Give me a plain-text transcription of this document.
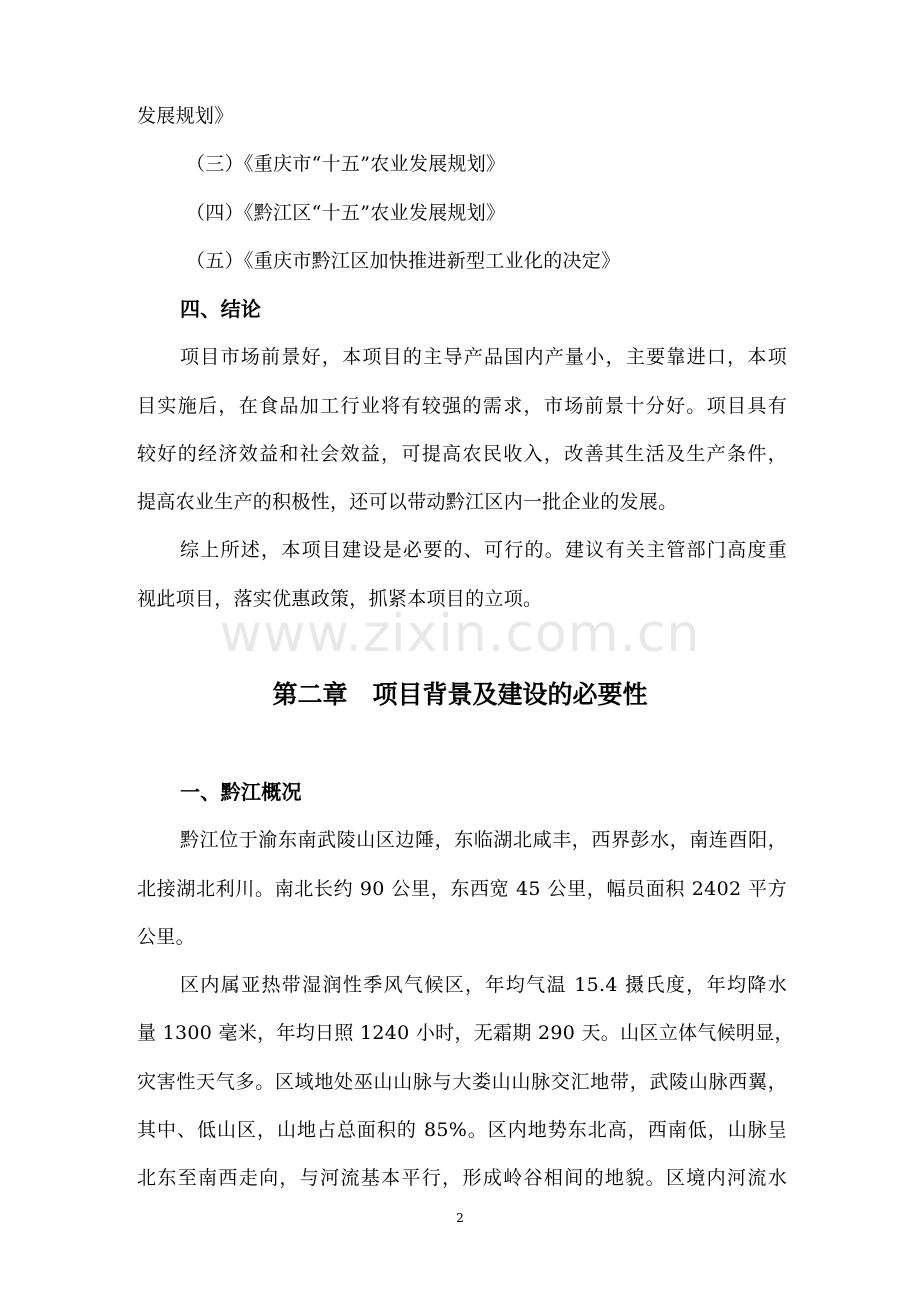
发展规划》
（三）《重庆市“十五”农业发展规划》
（四）《黔江区“十五”农业发展规划》
（五）《重庆市黔江区加快推进新型工业化的决定》
四、结论
项目市场前景好，本项目的主导产品国内产量小，主要靠进口，本项
目实施后，在食品加工行业将有较强的需求，市场前景十分好。项目具有
较好的经济效益和社会效益，可提高农民收入，改善其生活及生产条件，
提高农业生产的积极性，还可以带动黔江区内一批企业的发展。
综上所述，本项目建设是必要的、可行的。建议有关主管部门高度重
视此项目，落实优惠政策，抓紧本项目的立项。
www.zixin.com.cn
第二章　项目背景及建设的必要性
一、黔江概况
黔江位于渝东南武陵山区边陲，东临湖北咸丰，西界彭水，南连酉阳，
北接湖北利川。南北长约 90 公里，东西宽 45 公里，幅员面积 2402 平方
公里。
区内属亚热带湿润性季风气候区，年均气温 15.4 摄氏度，年均降水
量 1300 毫米，年均日照 1240 小时，无霜期 290 天。山区立体气候明显，
灾害性天气多。区域地处巫山山脉与大娄山山脉交汇地带，武陵山脉西翼，
其中、低山区，山地占总面积的 85%。区内地势东北高，西南低，山脉呈
北东至南西走向，与河流基本平行，形成岭谷相间的地貌。区境内河流水
2
